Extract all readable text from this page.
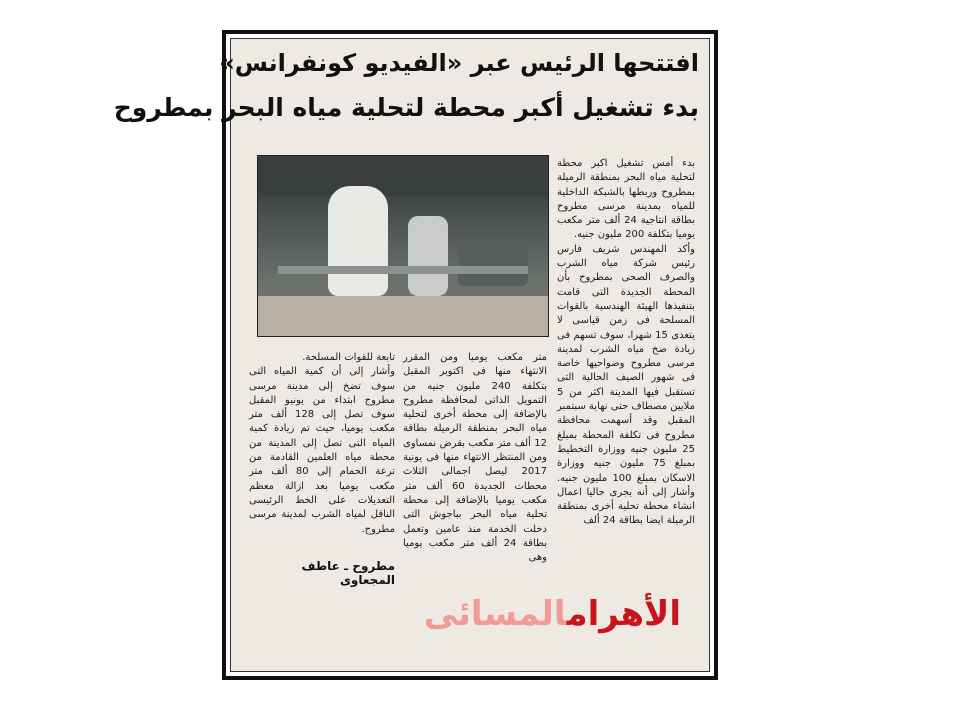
افتتحها الرئيس عبر «الفيديو كونفرانس»
بدء تشغيل أكبر محطة لتحلية مياه البحر بمطروح
بدء أمس تشغيل اكبر محطة لتحلية مياه البحر بمنطقة الرميلة بمطروح وربطها بالشبكة الداخلية للمياه بمدينة مرسى مطروح بطاقة انتاجية 24 ألف متر مكعب يوميا بتكلفة 200 مليون جنيه.
وأكد المهندس شريف فارس رئيس شركة مياه الشرب والصرف الصحى بمطروح بأن المحطة الجديدة التى قامت بتنفيذها الهيئة الهندسية بالقوات المسلحة فى زمن قياسى لا يتعدى 15 شهرا، سوف تسهم فى زيادة ضخ مياه الشرب لمدينة مرسى مطروح وضواحيها خاصة فى شهور الصيف الحالية التى تستقبل فيها المدينة اكثر من 5 ملايين مصطاف حتى نهاية سبتمبر المقبل وقد أسهمت محافظة مطروح فى تكلفة المحطة بمبلغ 25 مليون جنيه ووزارة التخطيط بمبلغ 75 مليون جنيه ووزارة الاسكان بمبلغ 100 مليون جنيه. وأشار إلى أنه يجرى حاليا اعمال انشاء محطة تحلية أخرى بمنطقة الرميلة ايضا بطاقة 24 ألف
متر مكعب يوميا ومن المقرر الانتهاء منها فى اكتوبر المقبل بتكلفة 240 مليون جنيه من التمويل الذاتى لمحافظة مطروح بالإضافة إلى محطة أخرى لتحلية مياه البحر بمنطقة الرميلة بطاقة 12 ألف متر مكعب بقرض نمساوى ومن المنتظر الانتهاء منها فى يونية 2017 ليصل اجمالى الثلاث محطات الجديدة 60 ألف متر مكعب يوميا بالإضافة إلى محطة تحلية مياه البحر بباجوش التى دخلت الخدمة منذ عامين وتعمل بطاقة 24 ألف متر مكعب يوميا وهى
تابعة للقوات المسلحة.
وأشار إلى أن كمية المياه التى سوف تضخ إلى مدينة مرسى مطروح ابتداء من يونيو المقبل سوف تصل إلى 128 ألف متر مكعب يوميا، حيث تم زيادة كمية المياه التى تصل إلى المدينة من محطة مياه العلمين القادمة من ترعة الحمام إلى 80 ألف متر مكعب يوميا بعد ازالة معظم التعديلات على الخط الرئيسى الناقل لمياه الشرب لمدينة مرسى مطروح.
مطروح ـ عاطف المجعاوى
الأهرامالمسائى
